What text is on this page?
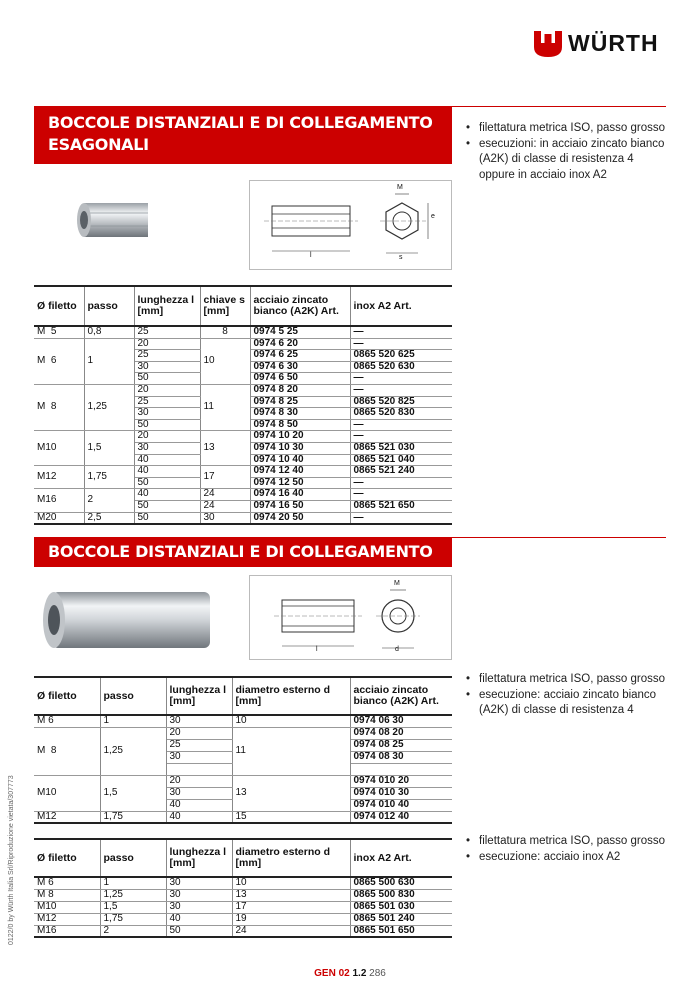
WÜRTH
BOCCOLE DISTANZIALI E DI COLLEGAMENTO
ESAGONALI
• filettatura metrica ISO, passo grosso
• esecuzioni: in acciaio zincato bianco (A2K) di classe di resistenza 4 oppure in acciaio inox A2
M
e
s
l
Ø filetto	passo	lunghezza l [mm]	chiave s [mm]	acciaio zincato bianco (A2K) Art.	inox A2 Art.
M  5	0,8	25	8	0974 5 25	—
M  6	1	20	10	0974 6 20	—
		25		0974 6 25	0865 520 625
		30		0974 6 30	0865 520 630
		50		0974 6 50	—
M  8	1,25	20	11	0974 8 20	—
		25		0974 8 25	0865 520 825
		30		0974 8 30	0865 520 830
		50		0974 8 50	—
M10	1,5	20	13	0974 10 20	—
		30		0974 10 30	0865 521 030
		40		0974 10 40	0865 521 040
M12	1,75	40	17	0974 12 40	0865 521 240
		50		0974 12 50	—
M16	2	40	24	0974 16 40	—
		50	24	0974 16 50	0865 521 650
M20	2,5	50	30	0974 20 50	—
BOCCOLE DISTANZIALI E DI COLLEGAMENTO TONDE
M
d
l
• filettatura metrica ISO, passo grosso
• esecuzione: acciaio zincato bianco (A2K) di classe di resistenza 4
Ø filetto	passo	lunghezza l [mm]	diametro esterno d [mm]	acciaio zincato bianco (A2K) Art.
M 6	1	30	10	0974 06 30
M  8	1,25	20	11	0974 08 20
		25		0974 08 25
		30		0974 08 30

M10	1,5	20	13	0974 010 20
		30		0974 010 30
		40		0974 010 40
M12	1,75	40	15	0974 012 40
• filettatura metrica ISO, passo grosso
• esecuzione: acciaio inox A2
Ø filetto	passo	lunghezza l [mm]	diametro esterno d [mm]	inox A2 Art.
M 6	1	30	10	0865 500 630
M 8	1,25	30	13	0865 500 830
M10	1,5	30	17	0865 501 030
M12	1,75	40	19	0865 501 240
M16	2	50	24	0865 501 650
0122/0 by Würth Italia Srl/Riproduzione vietata/307773
GEN 02 1.2 286
